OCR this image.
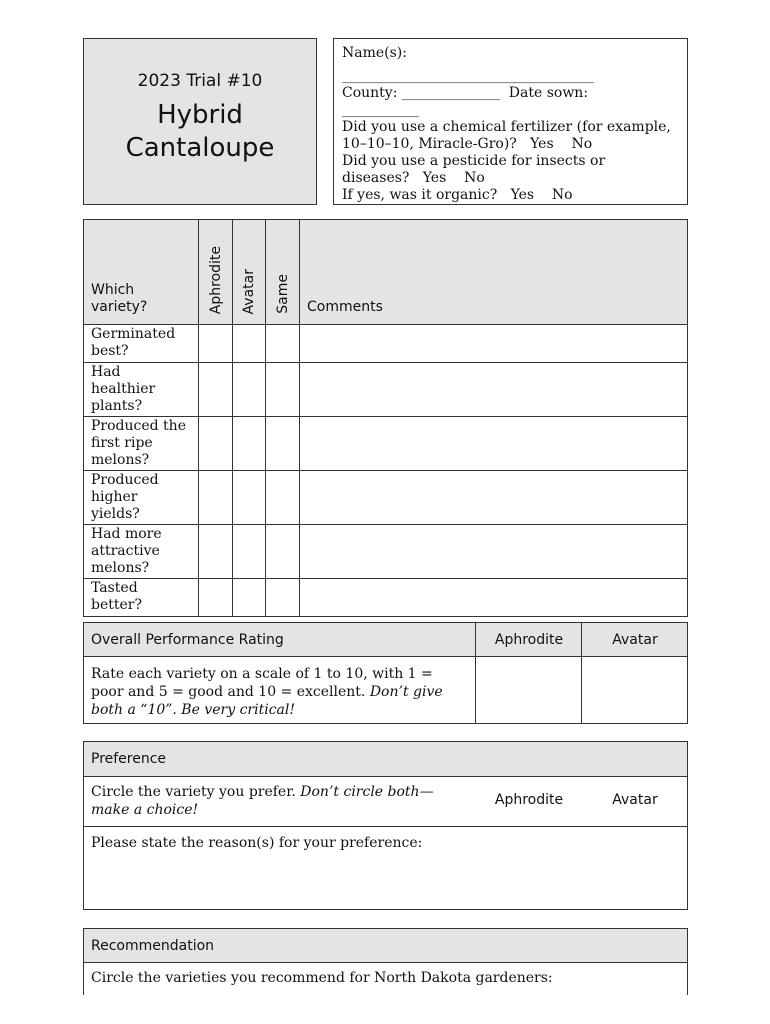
2023 Trial #10
Hybrid
Cantaloupe
Name(s):
____________________________________
County: ______________  Date sown:
___________
Did you use a chemical fertilizer (for example,
10–10–10, Miracle-Gro)?   Yes    No
Did you use a pesticide for insects or
diseases?   Yes    No
If yes, was it organic?   Yes    No
Which variety?	Aphrodite	Avatar	Same	Comments
Germinated best?				

Had healthier plants?				

Produced the first ripe melons?				

Produced higher yields?				

Had more attractive melons?				

Tasted better?				

Overall Performance Rating	Aphrodite	Avatar
Rate each variety on a scale of 1 to 10, with 1 = poor and 5 = good and 10 = excellent. Don’t give both a “10”. Be very critical!
Preference
Circle the variety you prefer. Don’t circle both—make a choice!
Aphrodite	Avatar
Please state the reason(s) for your preference:
Recommendation
Circle the varieties you recommend for North Dakota gardeners:
